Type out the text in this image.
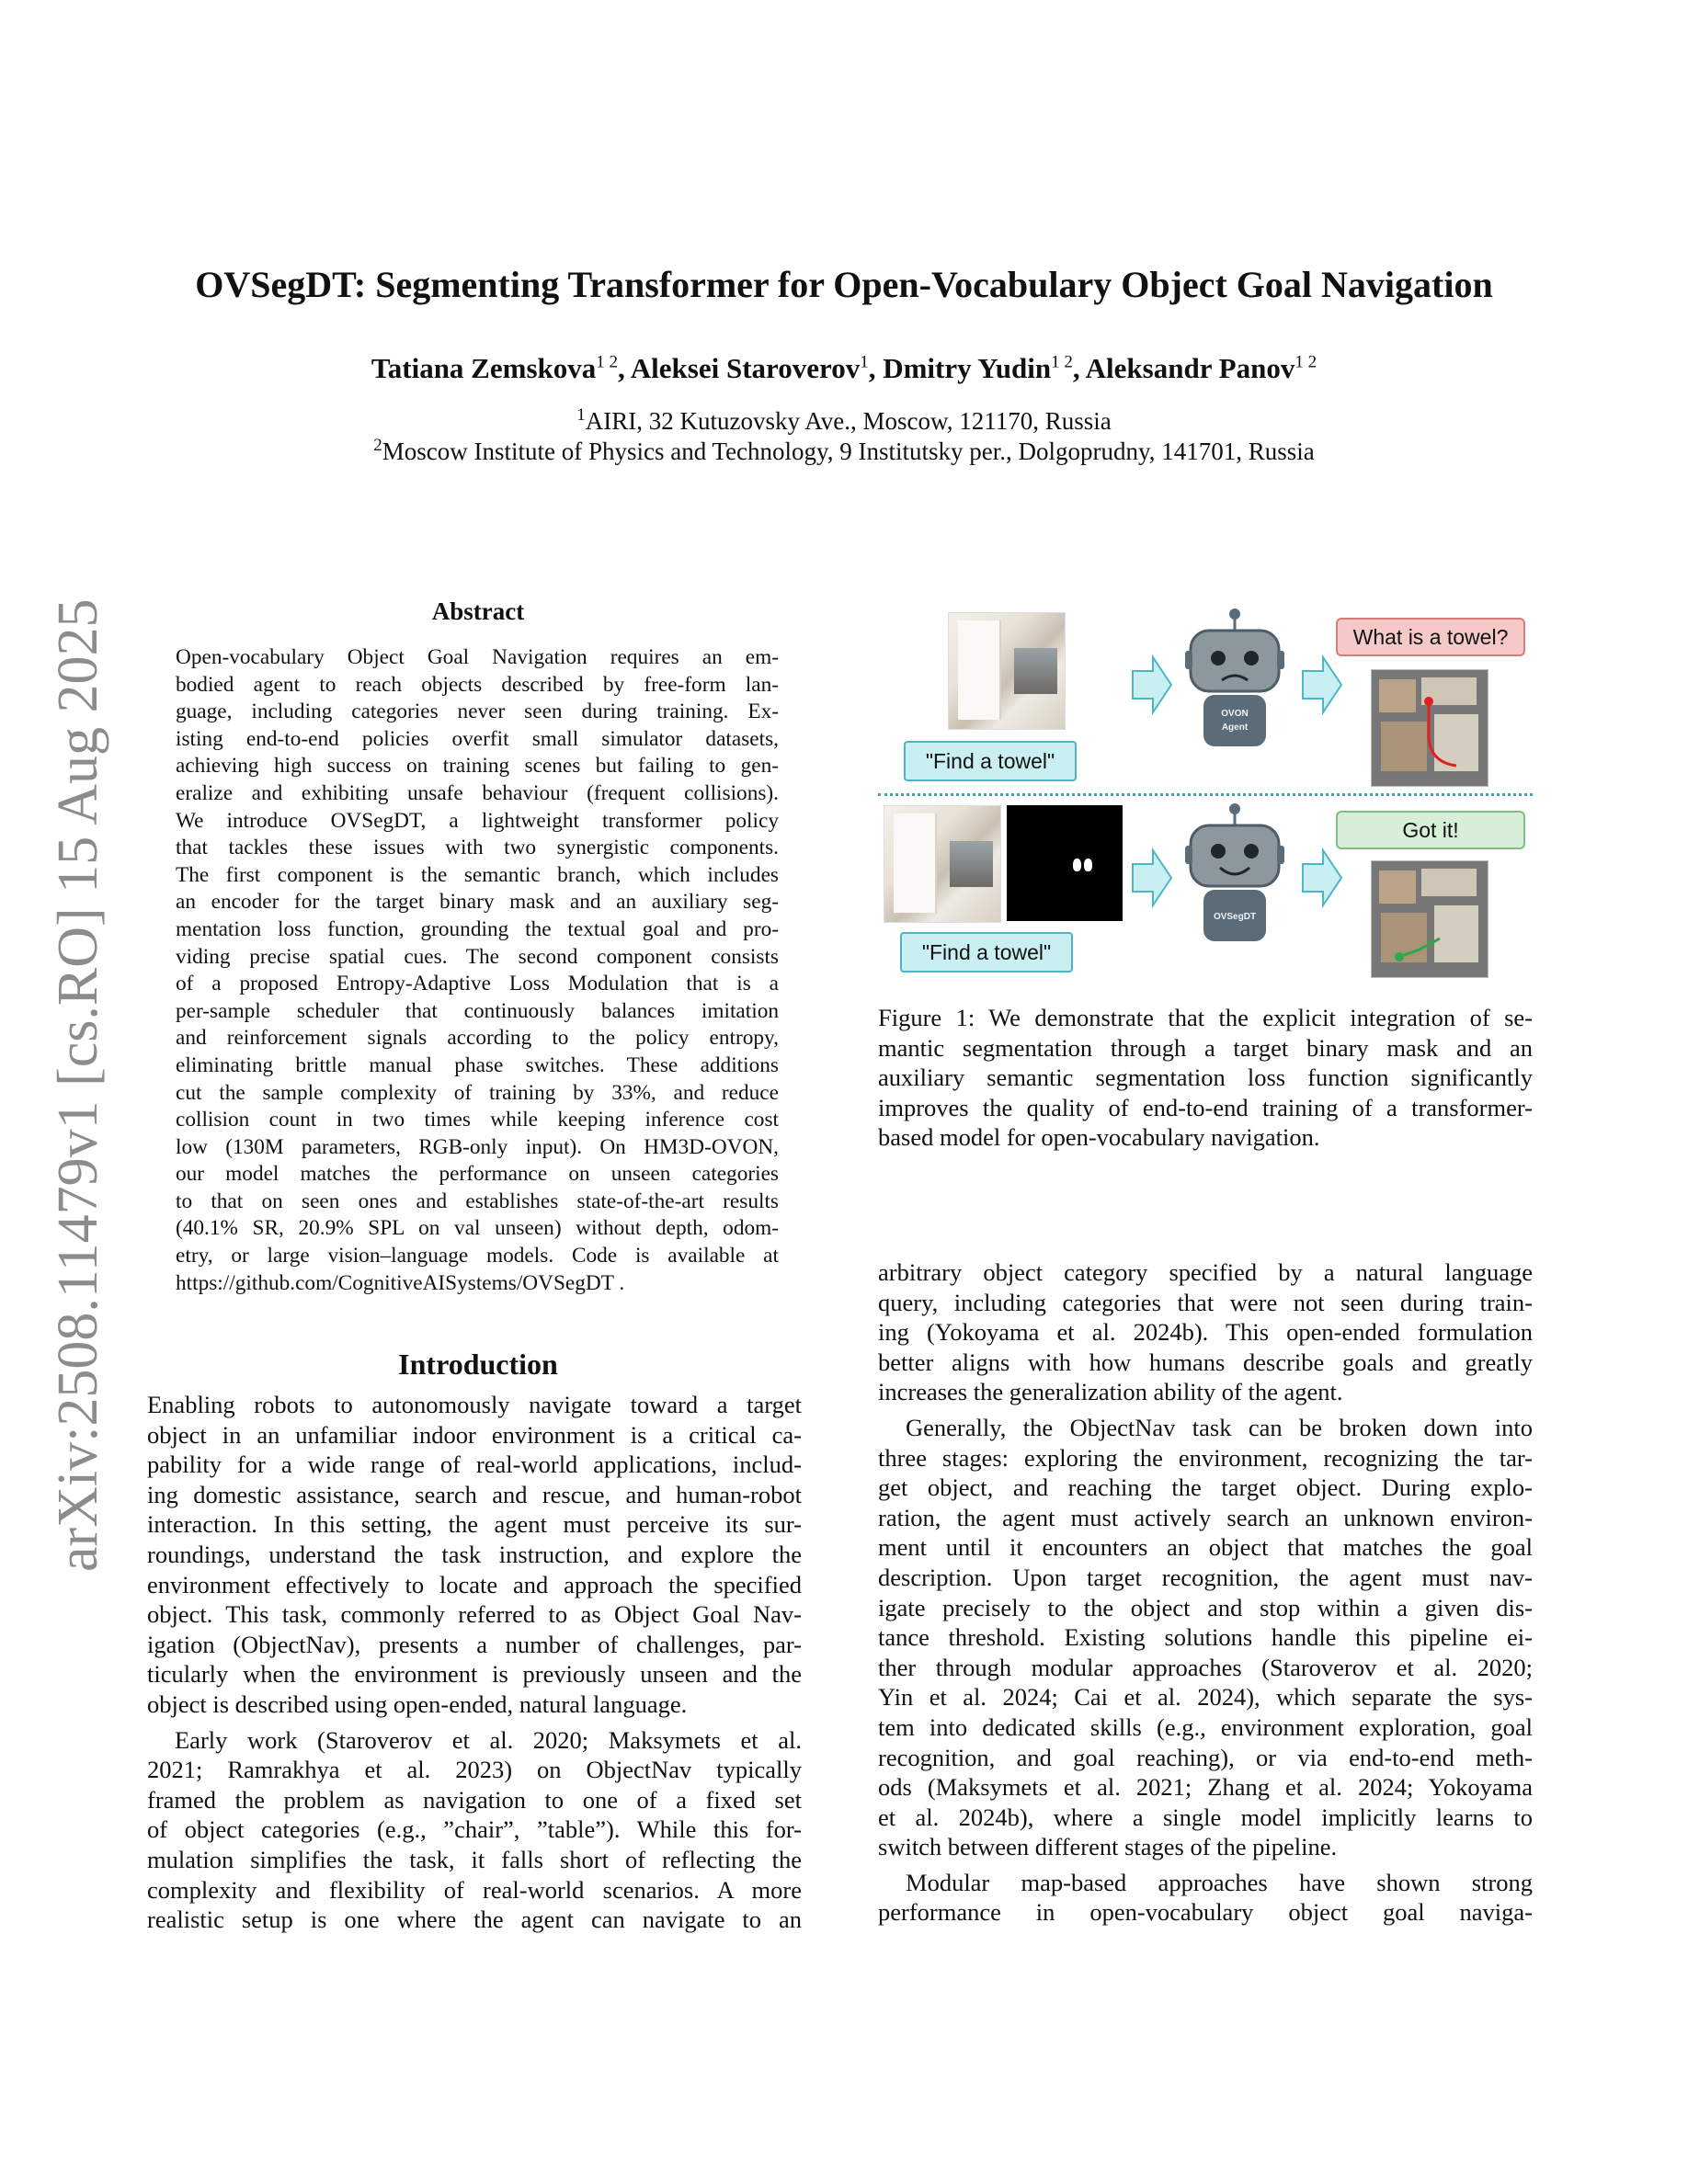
arXiv:2508.11479v1 [cs.RO] 15 Aug 2025
OVSegDT: Segmenting Transformer for Open-Vocabulary Object Goal Navigation
Tatiana Zemskova$^{1 2}$, Aleksei Staroverov$^1$, Dmitry Yudin$^{1 2}$, Aleksandr Panov$^{1 2}$
$^1$AIRI, 32 Kutuzovsky Ave., Moscow, 121170, Russia
$^2$Moscow Institute of Physics and Technology, 9 Institutsky per., Dolgoprudny, 141701, Russia
Abstract
Open-vocabulary Object Goal Navigation requires an em-
bodied agent to reach objects described by free-form lan-
guage, including categories never seen during training. Ex-
isting end-to-end policies overfit small simulator datasets,
achieving high success on training scenes but failing to gen-
eralize and exhibiting unsafe behaviour (frequent collisions).
We introduce OVSegDT, a lightweight transformer policy
that tackles these issues with two synergistic components.
The first component is the semantic branch, which includes
an encoder for the target binary mask and an auxiliary seg-
mentation loss function, grounding the textual goal and pro-
viding precise spatial cues. The second component consists
of a proposed Entropy-Adaptive Loss Modulation that is a
per-sample scheduler that continuously balances imitation
and reinforcement signals according to the policy entropy,
eliminating brittle manual phase switches. These additions
cut the sample complexity of training by 33%, and reduce
collision count in two times while keeping inference cost
low (130M parameters, RGB-only input). On HM3D-OVON,
our model matches the performance on unseen categories
to that on seen ones and establishes state-of-the-art results
(40.1% SR, 20.9% SPL on val unseen) without depth, odom-
etry, or large vision–language models. Code is available at
https://github.com/CognitiveAISystems/OVSegDT .
Introduction
Enabling robots to autonomously navigate toward a target
object in an unfamiliar indoor environment is a critical ca-
pability for a wide range of real-world applications, includ-
ing domestic assistance, search and rescue, and human-robot
interaction. In this setting, the agent must perceive its sur-
roundings, understand the task instruction, and explore the
environment effectively to locate and approach the specified
object. This task, commonly referred to as Object Goal Nav-
igation (ObjectNav), presents a number of challenges, par-
ticularly when the environment is previously unseen and the
object is described using open-ended, natural language.
Early work (Staroverov et al. 2020; Maksymets et al.
2021; Ramrakhya et al. 2023) on ObjectNav typically
framed the problem as navigation to one of a fixed set
of object categories (e.g., ”chair”, ”table”). While this for-
mulation simplifies the task, it falls short of reflecting the
complexity and flexibility of real-world scenarios. A more
realistic setup is one where the agent can navigate to an
"Find a towel"
OVON
Agent
What is a towel?
"Find a towel"
OVSegDT
Got it!
Figure 1: We demonstrate that the explicit integration of se-
mantic segmentation through a target binary mask and an
auxiliary semantic segmentation loss function significantly
improves the quality of end-to-end training of a transformer-
based model for open-vocabulary navigation.
arbitrary object category specified by a natural language
query, including categories that were not seen during train-
ing (Yokoyama et al. 2024b). This open-ended formulation
better aligns with how humans describe goals and greatly
increases the generalization ability of the agent.
Generally, the ObjectNav task can be broken down into
three stages: exploring the environment, recognizing the tar-
get object, and reaching the target object. During explo-
ration, the agent must actively search an unknown environ-
ment until it encounters an object that matches the goal
description. Upon target recognition, the agent must nav-
igate precisely to the object and stop within a given dis-
tance threshold. Existing solutions handle this pipeline ei-
ther through modular approaches (Staroverov et al. 2020;
Yin et al. 2024; Cai et al. 2024), which separate the sys-
tem into dedicated skills (e.g., environment exploration, goal
recognition, and goal reaching), or via end-to-end meth-
ods (Maksymets et al. 2021; Zhang et al. 2024; Yokoyama
et al. 2024b), where a single model implicitly learns to
switch between different stages of the pipeline.
Modular map-based approaches have shown strong
performance in open-vocabulary object goal naviga-
